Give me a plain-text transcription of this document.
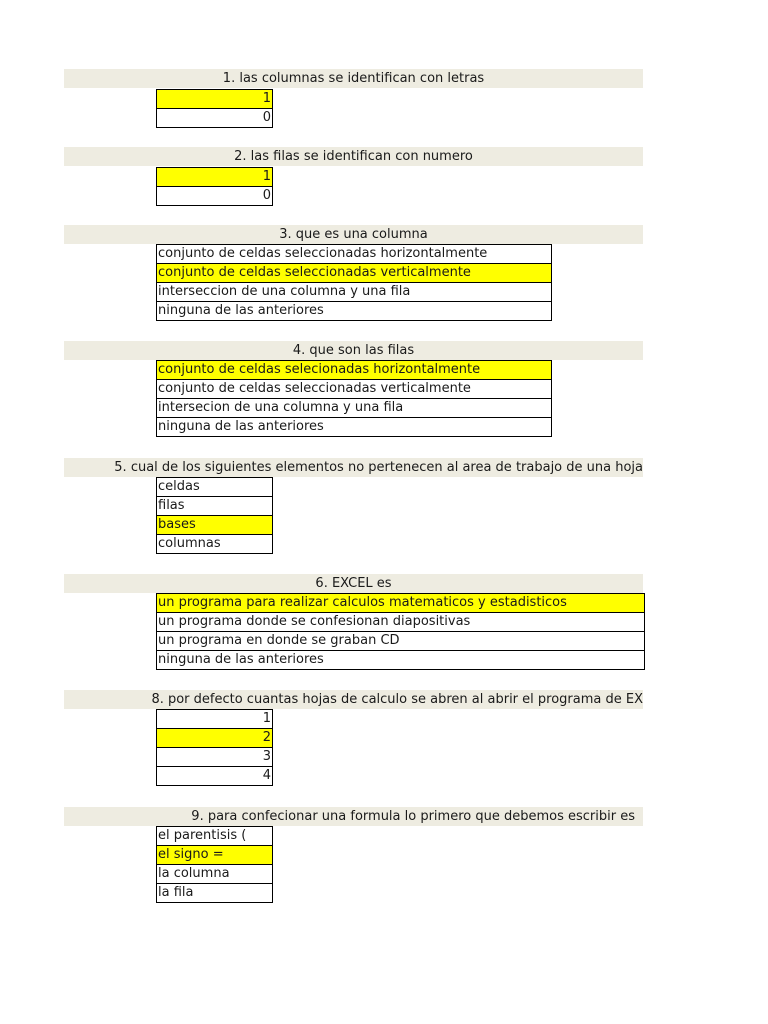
1. las columnas se identifican con letras
1
0
2. las filas se identifican con numero
1
0
3. que es una columna
conjunto de celdas seleccionadas horizontalmente
conjunto de celdas seleccionadas verticalmente
interseccion de una columna y una fila
ninguna de las anteriores
4. que son las filas
conjunto de celdas selecionadas horizontalmente
conjunto de celdas seleccionadas verticalmente
intersecion de una columna y una fila
ninguna de las anteriores
5. cual de los siguientes elementos no pertenecen al area de trabajo de una hoja
celdas
filas
bases
columnas
6. EXCEL es
un programa para realizar calculos matematicos y estadisticos
un programa donde se confesionan diapositivas
un programa en donde se graban CD
ninguna de las anteriores
8. por defecto cuantas hojas de calculo se abren al abrir el programa de EX
1
2
3
4
9. para confecionar una formula lo primero que debemos escribir es
el parentisis (
el signo =
la columna
la fila
